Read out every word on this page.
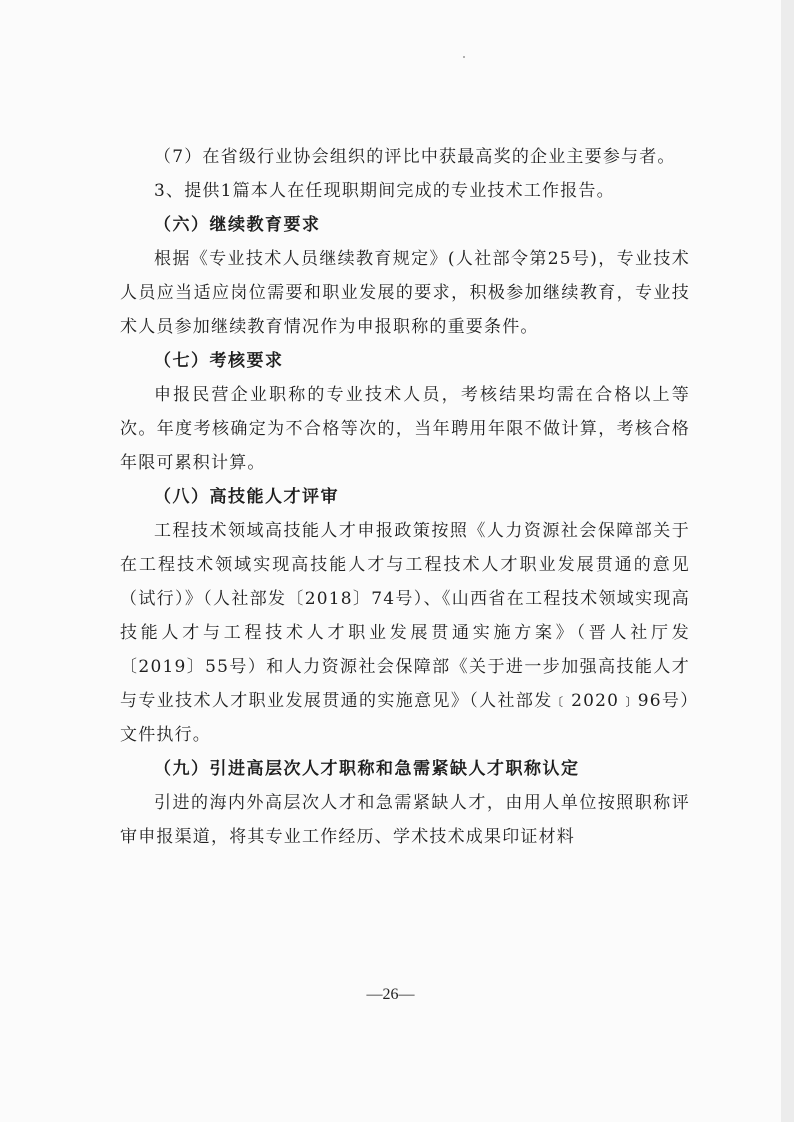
（7）在省级行业协会组织的评比中获最高奖的企业主要参与者。

3、提供1篇本人在任现职期间完成的专业技术工作报告。

（六）继续教育要求

根据《专业技术人员继续教育规定》(人社部令第25号)，专业技术人员应当适应岗位需要和职业发展的要求，积极参加继续教育，专业技术人员参加继续教育情况作为申报职称的重要条件。

（七）考核要求

申报民营企业职称的专业技术人员，考核结果均需在合格以上等次。年度考核确定为不合格等次的，当年聘用年限不做计算，考核合格年限可累积计算。

（八）高技能人才评审

工程技术领域高技能人才申报政策按照《人力资源社会保障部关于在工程技术领域实现高技能人才与工程技术人才职业发展贯通的意见（试行）》（人社部发〔2018〕74号）、《山西省在工程技术领域实现高技能人才与工程技术人才职业发展贯通实施方案》（晋人社厅发〔2019〕55号）和人力资源社会保障部《关于进一步加强高技能人才与专业技术人才职业发展贯通的实施意见》（人社部发﹝2020﹞96号）文件执行。

（九）引进高层次人才职称和急需紧缺人才职称认定

引进的海内外高层次人才和急需紧缺人才，由用人单位按照职称评审申报渠道，将其专业工作经历、学术技术成果印证材料

—26—
